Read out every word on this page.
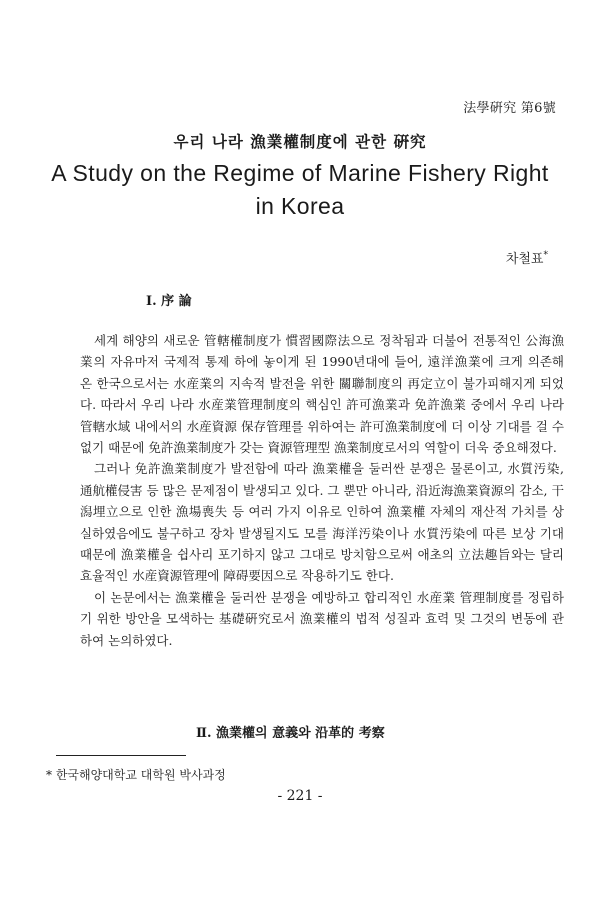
法學硏究 第6號
우리 나라 漁業權制度에 관한 硏究
A Study on the Regime of Marine Fishery Right
in Korea
차철표*
Ⅰ. 序 論

세계 해양의 새로운 管轄權制度가 慣習國際法으로 정착됨과 더불어 전통적인 公海漁業의 자유마저 국제적 통제 하에 놓이게 된 1990년대에 들어, 遠洋漁業에 크게 의존해 온 한국으로서는 水産業의 지속적 발전을 위한 關聯制度의 再定立이 불가피해지게 되었다. 따라서 우리 나라 水産業管理制度의 핵심인 許可漁業과 免許漁業 중에서 우리 나라 管轄水域 내에서의 水産資源 保存管理를 위하여는 許可漁業制度에 더 이상 기대를 걸 수 없기 때문에 免許漁業制度가 갖는 資源管理型 漁業制度로서의 역할이 더욱 중요해졌다.

그러나 免許漁業制度가 발전함에 따라 漁業權을 둘러싼 분쟁은 물론이고, 水質汚染, 通航權侵害 등 많은 문제점이 발생되고 있다. 그 뿐만 아니라, 沿近海漁業資源의 감소, 干潟埋立으로 인한 漁場喪失 등 여러 가지 이유로 인하여 漁業權 자체의 재산적 가치를 상실하였음에도 불구하고 장차 발생될지도 모를 海洋汚染이나 水質汚染에 따른 보상 기대 때문에 漁業權을 쉽사리 포기하지 않고 그대로 방치함으로써 애초의 立法趣旨와는 달리 효율적인 水産資源管理에 障碍要因으로 작용하기도 한다.

이 논문에서는 漁業權을 둘러싼 분쟁을 예방하고 합리적인 水産業 管理制度를 정립하기 위한 방안을 모색하는 基礎硏究로서 漁業權의 법적 성질과 효력 및 그것의 변동에 관하여 논의하였다.

Ⅱ. 漁業權의 意義와 沿革的 考察
* 한국해양대학교 대학원 박사과정
- 221 -
